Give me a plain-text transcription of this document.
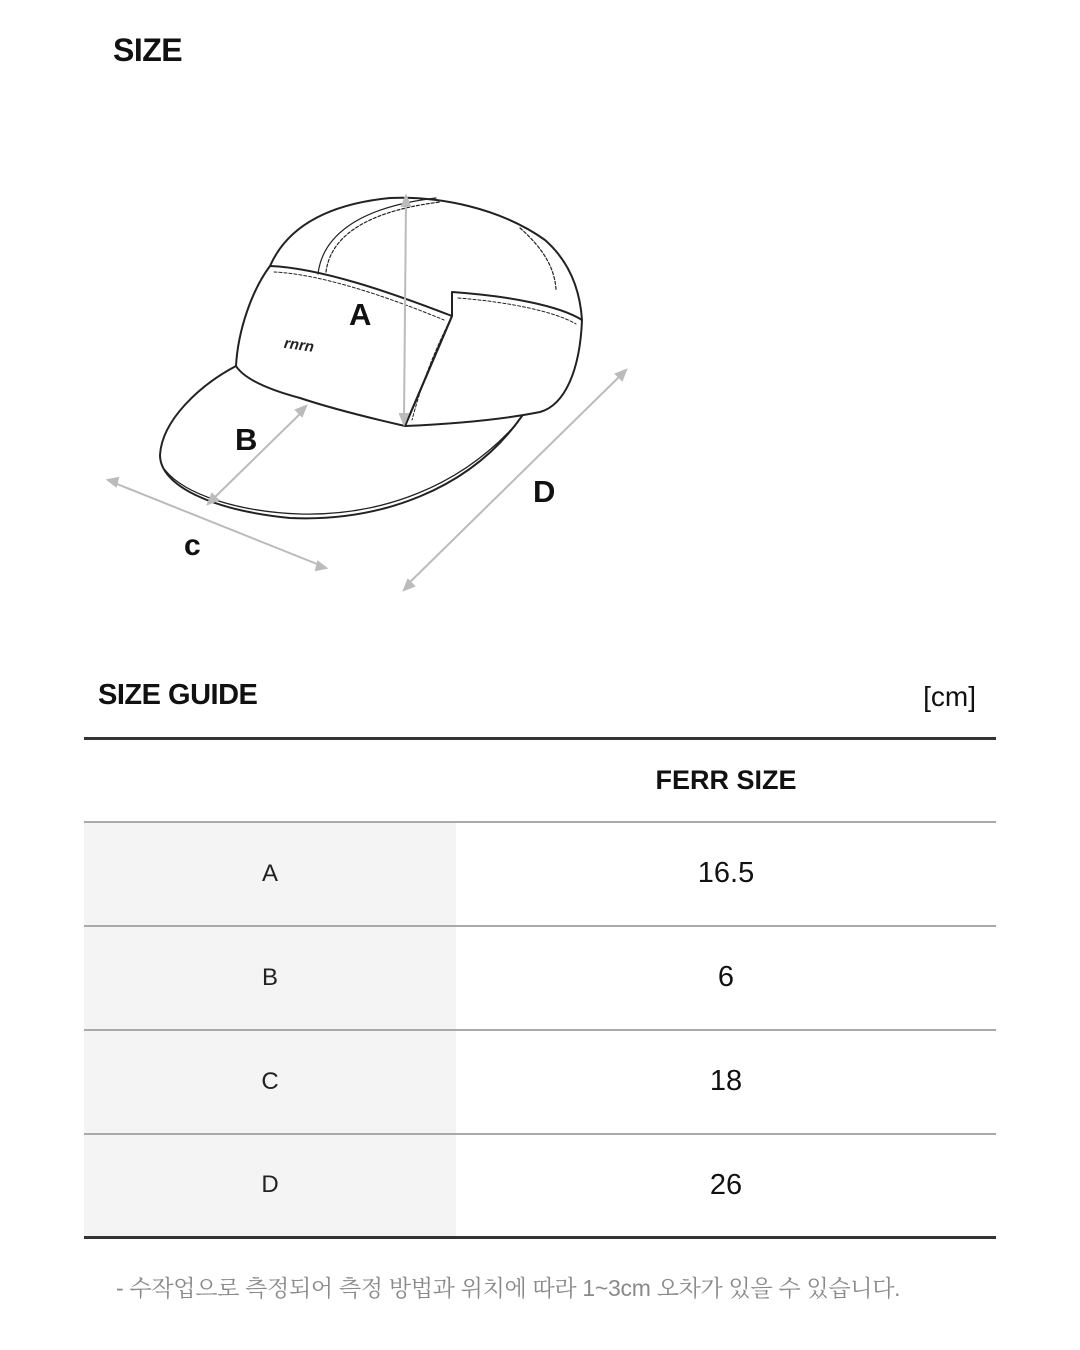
SIZE
rnrn
A
B
c
D
SIZE GUIDE	[cm]
	FERR SIZE
A	16.5
B	6
C	18
D	26
- 수작업으로 측정되어 측정 방법과 위치에 따라 1~3cm 오차가 있을 수 있습니다.
